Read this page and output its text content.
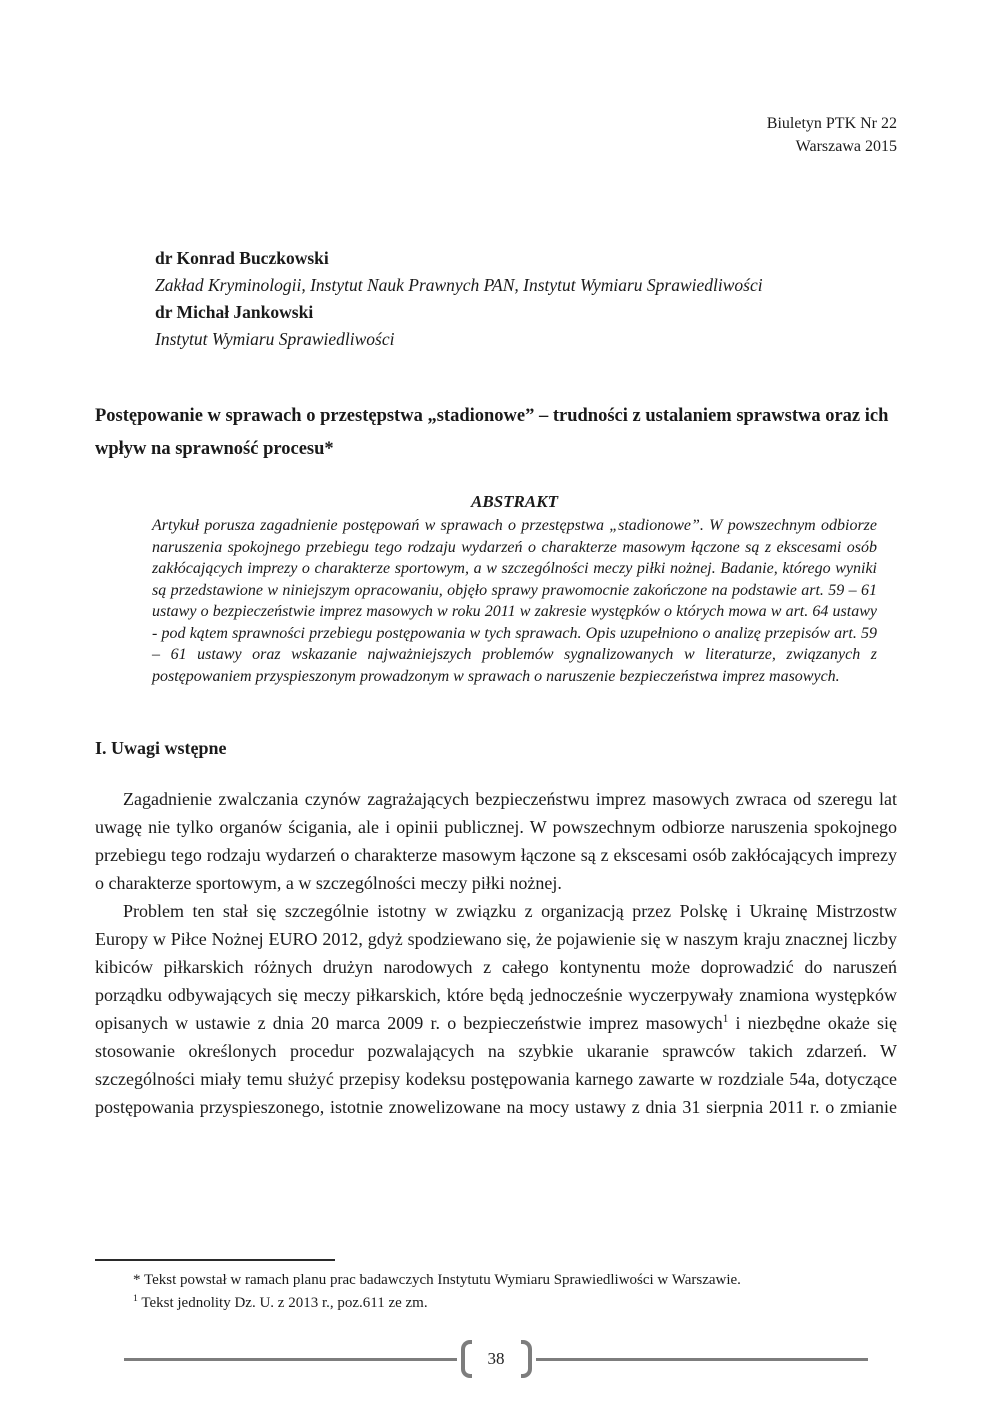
Biuletyn PTK Nr 22
Warszawa 2015
dr Konrad Buczkowski
Zakład Kryminologii, Instytut Nauk Prawnych PAN, Instytut Wymiaru Sprawiedliwości
dr Michał Jankowski
Instytut Wymiaru Sprawiedliwości
Postępowanie w sprawach o przestępstwa „stadionowe” – trudności z ustalaniem sprawstwa oraz ich wpływ na sprawność procesu*
ABSTRAKT
Artykuł porusza zagadnienie postępowań w sprawach o przestępstwa „stadionowe”. W powszechnym odbiorze naruszenia spokojnego przebiegu tego rodzaju wydarzeń o charakterze masowym łączone są z ekscesami osób zakłócających imprezy o charakterze sportowym, a w szczególności meczy piłki nożnej. Badanie, którego wyniki są przedstawione w niniejszym opracowaniu, objęło sprawy prawomocnie zakończone na podstawie art. 59 – 61 ustawy o bezpieczeństwie imprez masowych w roku 2011 w zakresie występków o których mowa w art. 64 ustawy - pod kątem sprawności przebiegu postępowania w tych sprawach. Opis uzupełniono o analizę przepisów art. 59 – 61 ustawy oraz wskazanie najważniejszych problemów sygnalizowanych w literaturze, związanych z postępowaniem przyspieszonym prowadzonym w sprawach o naruszenie bezpieczeństwa imprez masowych.
I. Uwagi wstępne

Zagadnienie zwalczania czynów zagrażających bezpieczeństwu imprez masowych zwraca od szeregu lat uwagę nie tylko organów ścigania, ale i opinii publicznej. W powszechnym odbiorze naruszenia spokojnego przebiegu tego rodzaju wydarzeń o charakterze masowym łączone są z ekscesami osób zakłócających imprezy o charakterze sportowym, a w szczególności meczy piłki nożnej.

Problem ten stał się szczególnie istotny w związku z organizacją przez Polskę i Ukrainę Mistrzostw Europy w Piłce Nożnej EURO 2012, gdyż spodziewano się, że pojawienie się w naszym kraju znacznej liczby kibiców piłkarskich różnych drużyn narodowych z całego kontynentu może doprowadzić do naruszeń porządku odbywających się meczy piłkarskich, które będą jednocześnie wyczerpywały znamiona występków opisanych w ustawie z dnia 20 marca 2009 r. o bezpieczeństwie imprez masowych$^1$ i niezbędne okaże się stosowanie określonych procedur pozwalających na szybkie ukaranie sprawców takich zdarzeń. W szczególności miały temu służyć przepisy kodeksu postępowania karnego zawarte w rozdziale 54a, dotyczące postępowania przyspieszonego, istotnie znowelizowane na mocy ustawy z dnia 31 sierpnia 2011 r. o zmianie

* Tekst powstał w ramach planu prac badawczych Instytutu Wymiaru Sprawiedliwości w Warszawie.
$^1$ Tekst jednolity Dz. U. z 2013 r., poz.611 ze zm.
38
